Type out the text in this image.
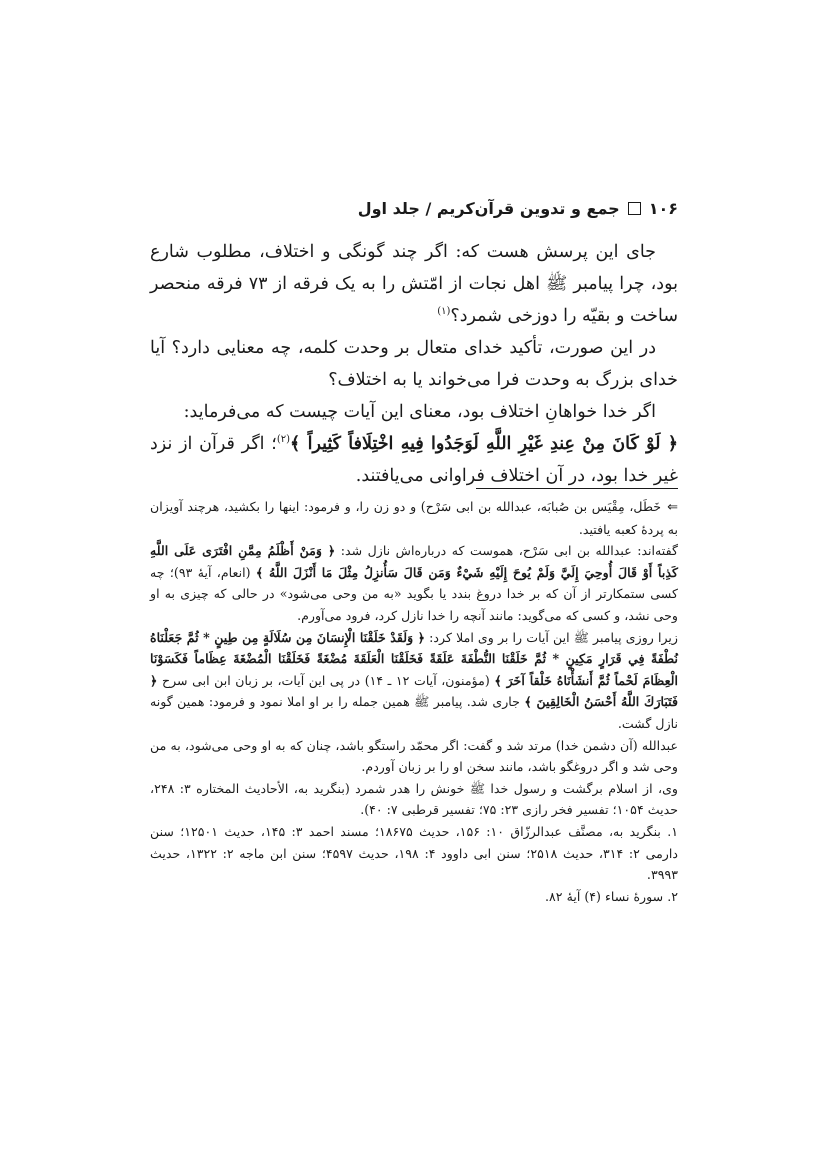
۱۰۶
جمع و تدوین قرآن‌کریم / جلد اول

جای این پرسش هست که: اگر چند گونگی و اختلاف، مطلوب شارع بود، چرا پیامبر ﷺ اهل نجات از امّتش را به یک فرقه از ۷۳ فرقه منحصر ساخت و بقیّه را دوزخی شمرد؟$^{(۱)}$

در این صورت، تأکید خدای متعال بر وحدت کلمه، چه معنایی دارد؟ آیا خدای بزرگ به وحدت فرا می‌خواند یا به اختلاف؟

اگر خدا خواهانِ اختلاف بود، معنای این آیات چیست که می‌فرماید:

﴿ لَوْ كَانَ مِنْ عِندِ غَيْرِ اللَّهِ لَوَجَدُوا فِيهِ اخْتِلَافاً كَثِيراً ﴾$^{(۲)}$؛ اگر قرآن از نزد غیر خدا بود، در آن اختلاف فراوانی می‌یافتند.

⇐خَطَل، مِقْیَس بن صُبابَه، عبدالله بن ابی سَرْح) و دو زن را، و فرمود: اینها را بکشید، هرچند آویزان به پردهٔ کعبه یافتید.

گفته‌اند: عبدالله بن ابی سَرْح، هموست که درباره‌اش نازل شد: ﴿ وَمَنْ أَظْلَمُ مِمَّنِ افْتَرَى عَلَى اللَّهِ كَذِباً أَوْ قَالَ أُوحِيَ إِلَيَّ وَلَمْ يُوحَ إِلَيْهِ شَيْءٌ وَمَن قَالَ سَأُنزِلُ مِثْلَ مَا أَنْزَلَ اللَّهُ ﴾ (انعام، آیهٔ ۹۳)؛ چه کسی ستمکارتر از آن که بر خدا دروغ بندد یا بگوید «به من وحی می‌شود» در حالی که چیزی به او وحی نشد، و کسی که می‌گوید: مانند آنچه را خدا نازل کرد، فرود می‌آورم.

زیرا روزی پیامبر ﷺ این آیات را بر وی املا کرد: ﴿ وَلَقَدْ خَلَقْنَا الْإِنسَانَ مِن سُلَالَةٍ مِن طِينٍ * ثُمَّ جَعَلْنَاهُ نُطْفَةً فِي قَرَارٍ مَكِينٍ * ثُمَّ خَلَقْنَا النُّطْفَةَ عَلَقَةً فَخَلَقْنَا الْعَلَقَةَ مُضْغَةً فَخَلَقْنَا الْمُضْغَةَ عِظَاماً فَكَسَوْنَا الْعِظَامَ لَحْماً ثُمَّ أَنشَأْنَاهُ خَلْقاً آخَرَ ﴾ (مؤمنون، آیات ۱۲ ـ ۱۴) در پی این آیات، بر زبان ابن ابی سرح ﴿ فَتَبَارَكَ اللَّهُ أَحْسَنُ الْخَالِقِينَ ﴾ جاری شد. پیامبر ﷺ همین جمله را بر او املا نمود و فرمود: همین گونه نازل گشت.

عبدالله (آن دشمن خدا) مرتد شد و گفت: اگر محمّد راستگو باشد، چنان که به او وحی می‌شود، به من وحی شد و اگر دروغگو باشد، مانند سخن او را بر زبان آوردم.

وی، از اسلام برگشت و رسول خدا ﷺ خونش را هدر شمرد (بنگرید به، الأحادیث المختاره ۳: ۲۴۸، حدیث ۱۰۵۴؛ تفسیر فخر رازی ۲۳: ۷۵؛ تفسیر قرطبی ۷: ۴۰).

۱. بنگرید به، مصنَّف عبدالرزّاق ۱۰: ۱۵۶، حدیث ۱۸۶۷۵؛ مسند احمد ۳: ۱۴۵، حدیث ۱۲۵۰۱؛ سنن دارمی ۲: ۳۱۴، حدیث ۲۵۱۸؛ سنن ابی داوود ۴: ۱۹۸، حدیث ۴۵۹۷؛ سنن ابن ماجه ۲: ۱۳۲۲، حدیث ۳۹۹۳.

۲. سورهٔ نساء (۴) آیهٔ ۸۲.
